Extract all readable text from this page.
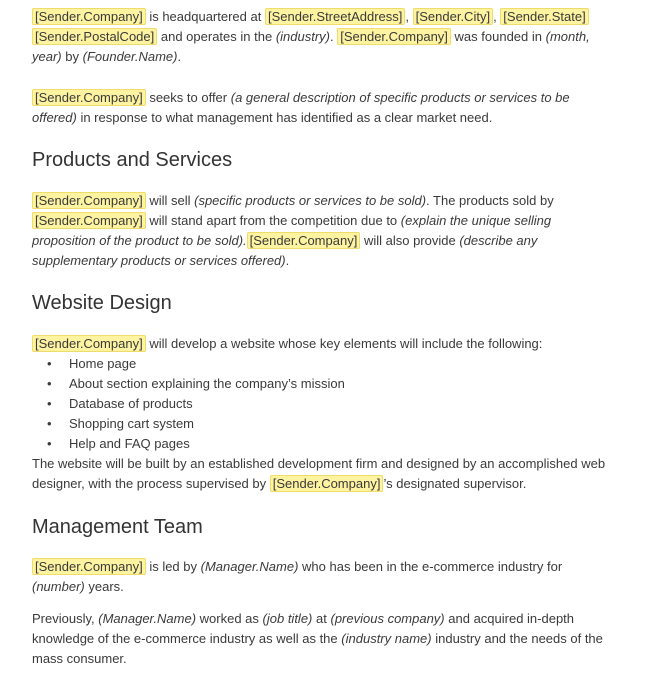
[Sender.Company] is headquartered at [Sender.StreetAddress] , [Sender.City] , [Sender.State]
[Sender.PostalCode] and operates in the (industry). [Sender.Company] was founded in (month,
year) by (Founder.Name).
[Sender.Company] seeks to offer (a general description of specific products or services to be
offered) in response to what management has identified as a clear market need.
Products and Services
[Sender.Company] will sell (specific products or services to be sold). The products sold by
[Sender.Company] will stand apart from the competition due to (explain the unique selling
proposition of the product to be sold). [Sender.Company] will also provide (describe any
supplementary products or services offered).
Website Design
[Sender.Company] will develop a website whose key elements will include the following:
• Home page
• About section explaining the company’s mission
• Database of products
• Shopping cart system
• Help and FAQ pages
The website will be built by an established development firm and designed by an accomplished web
designer, with the process supervised by [Sender.Company] ’s designated supervisor.
Management Team
[Sender.Company] is led by (Manager.Name) who has been in the e-commerce industry for
(number) years.
Previously, (Manager.Name) worked as (job title) at (previous company) and acquired in-depth
knowledge of the e-commerce industry as well as the (industry name) industry and the needs of the
mass consumer.
